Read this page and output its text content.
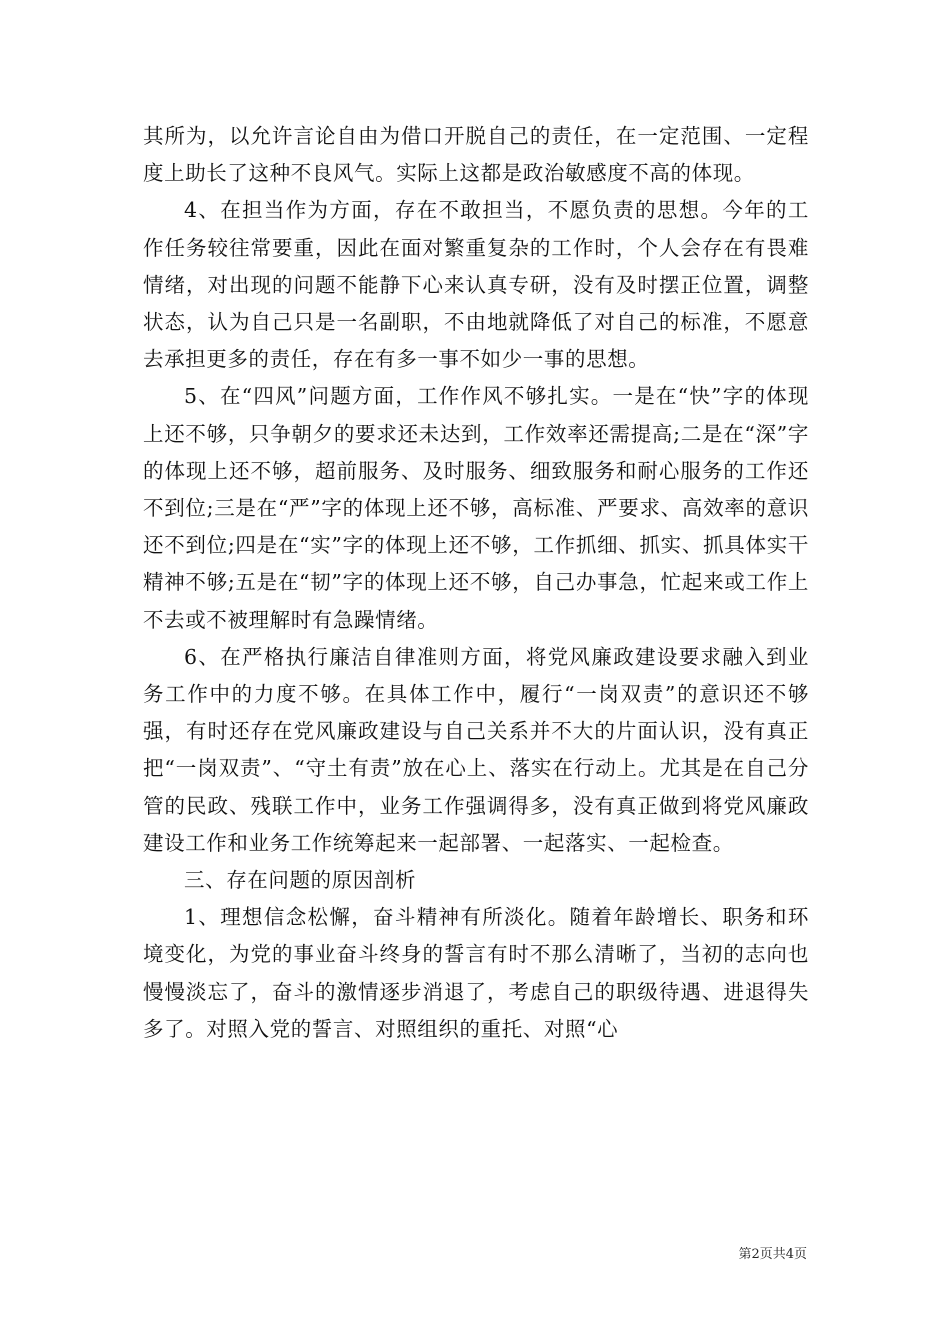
其所为，以允许言论自由为借口开脱自己的责任，在一定范围、一定程度上助长了这种不良风气。实际上这都是政治敏感度不高的体现。

4、在担当作为方面，存在不敢担当，不愿负责的思想。今年的工作任务较往常要重，因此在面对繁重复杂的工作时，个人会存在有畏难情绪，对出现的问题不能静下心来认真专研，没有及时摆正位置，调整状态，认为自己只是一名副职，不由地就降低了对自己的标准，不愿意去承担更多的责任，存在有多一事不如少一事的思想。

5、在“四风”问题方面，工作作风不够扎实。一是在“快”字的体现上还不够，只争朝夕的要求还未达到，工作效率还需提高;二是在“深”字的体现上还不够，超前服务、及时服务、细致服务和耐心服务的工作还不到位;三是在“严”字的体现上还不够，高标准、严要求、高效率的意识还不到位;四是在“实”字的体现上还不够，工作抓细、抓实、抓具体实干精神不够;五是在“韧”字的体现上还不够，自己办事急，忙起来或工作上不去或不被理解时有急躁情绪。

6、在严格执行廉洁自律准则方面，将党风廉政建设要求融入到业务工作中的力度不够。在具体工作中，履行“一岗双责”的意识还不够强，有时还存在党风廉政建设与自己关系并不大的片面认识，没有真正把“一岗双责”、“守土有责”放在心上、落实在行动上。尤其是在自己分管的民政、残联工作中，业务工作强调得多，没有真正做到将党风廉政建设工作和业务工作统筹起来一起部署、一起落实、一起检查。

三、存在问题的原因剖析

1、理想信念松懈，奋斗精神有所淡化。随着年龄增长、职务和环境变化，为党的事业奋斗终身的誓言有时不那么清晰了，当初的志向也慢慢淡忘了，奋斗的激情逐步消退了，考虑自己的职级待遇、进退得失多了。对照入党的誓言、对照组织的重托、对照“心

第2页共4页
